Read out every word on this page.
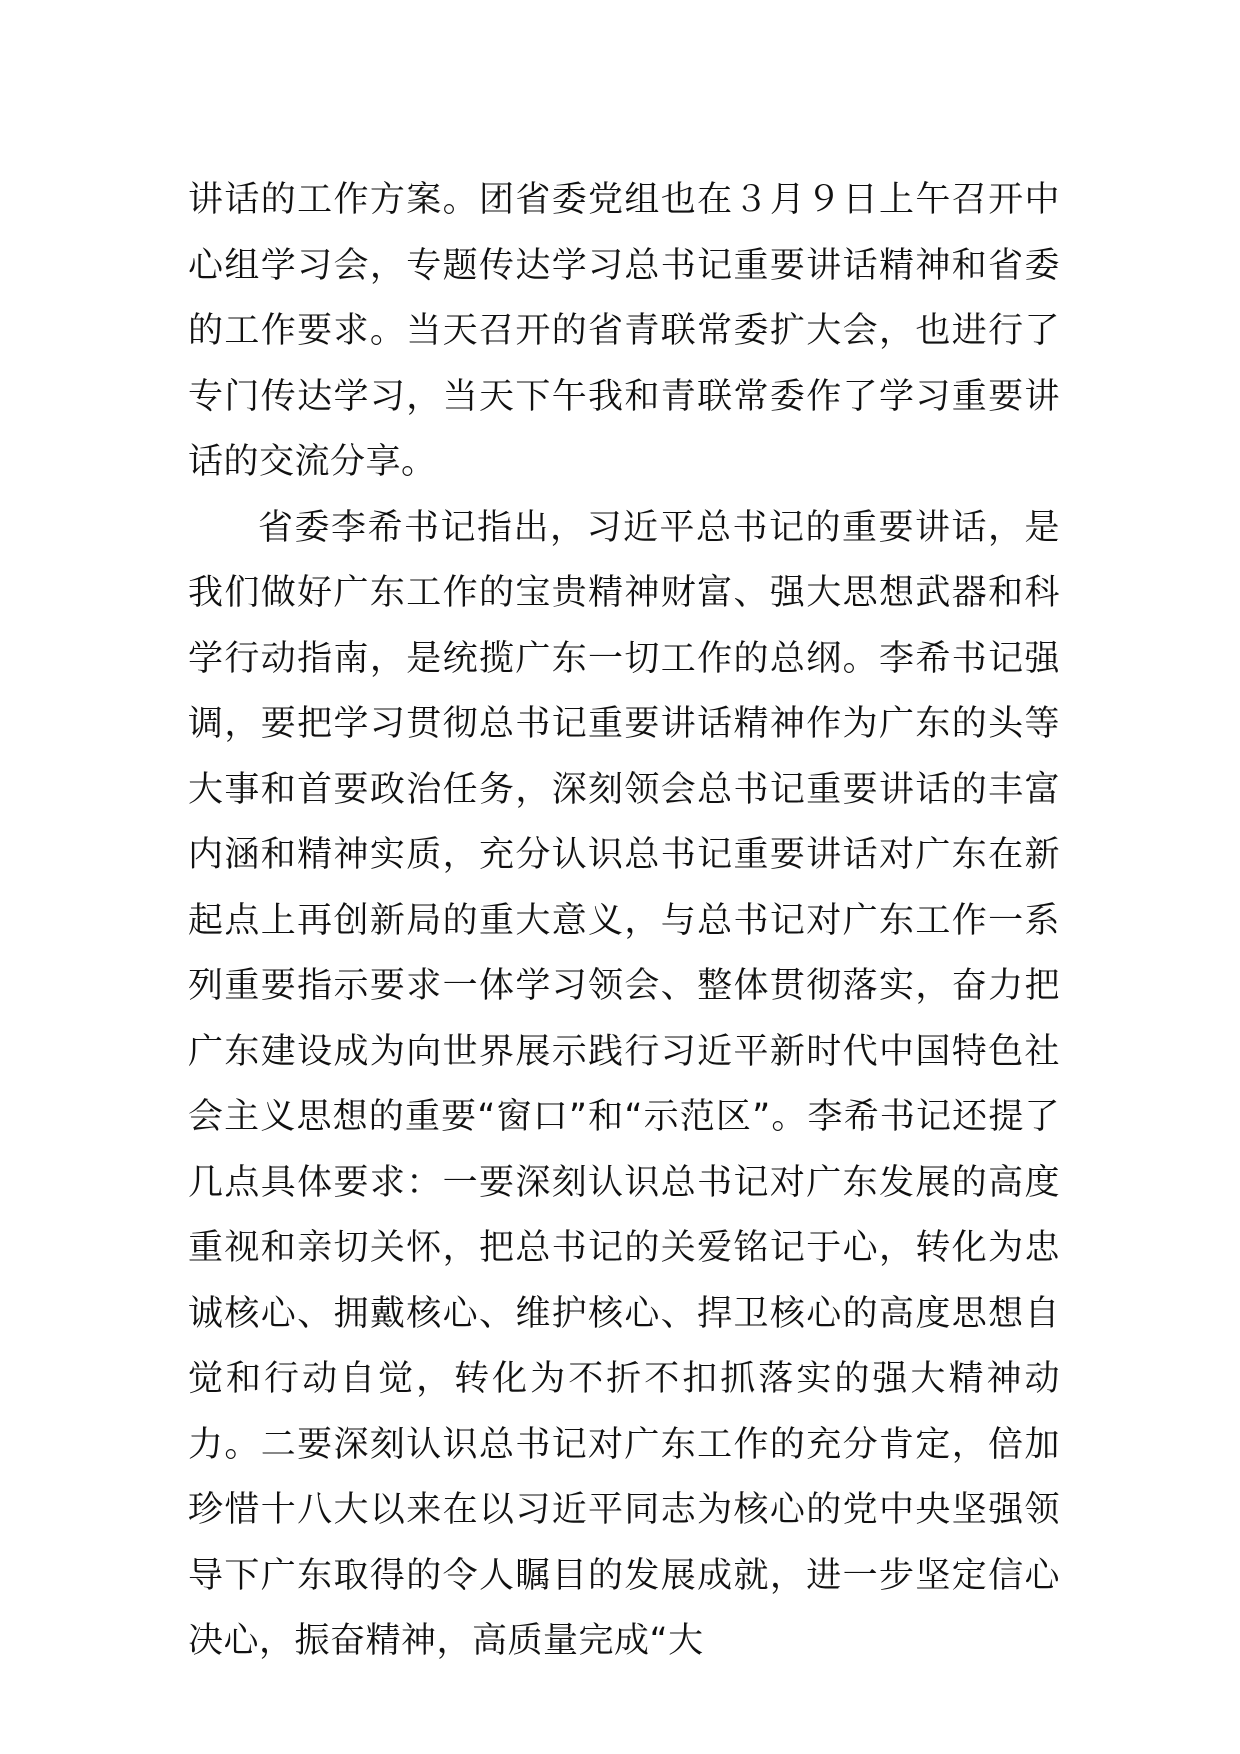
讲话的工作方案。团省委党组也在３月９日上午召开中心组学习会，专题传达学习总书记重要讲话精神和省委的工作要求。当天召开的省青联常委扩大会，也进行了专门传达学习，当天下午我和青联常委作了学习重要讲话的交流分享。

省委李希书记指出，习近平总书记的重要讲话，是我们做好广东工作的宝贵精神财富、强大思想武器和科学行动指南，是统揽广东一切工作的总纲。李希书记强调，要把学习贯彻总书记重要讲话精神作为广东的头等大事和首要政治任务，深刻领会总书记重要讲话的丰富内涵和精神实质，充分认识总书记重要讲话对广东在新起点上再创新局的重大意义，与总书记对广东工作一系列重要指示要求一体学习领会、整体贯彻落实，奋力把广东建设成为向世界展示践行习近平新时代中国特色社会主义思想的重要“窗口”和“示范区”。李希书记还提了几点具体要求：一要深刻认识总书记对广东发展的高度重视和亲切关怀，把总书记的关爱铭记于心，转化为忠诚核心、拥戴核心、维护核心、捍卫核心的高度思想自觉和行动自觉，转化为不折不扣抓落实的强大精神动力。二要深刻认识总书记对广东工作的充分肯定，倍加珍惜十八大以来在以习近平同志为核心的党中央坚强领导下广东取得的令人瞩目的发展成就，进一步坚定信心决心，振奋精神，高质量完成“大
